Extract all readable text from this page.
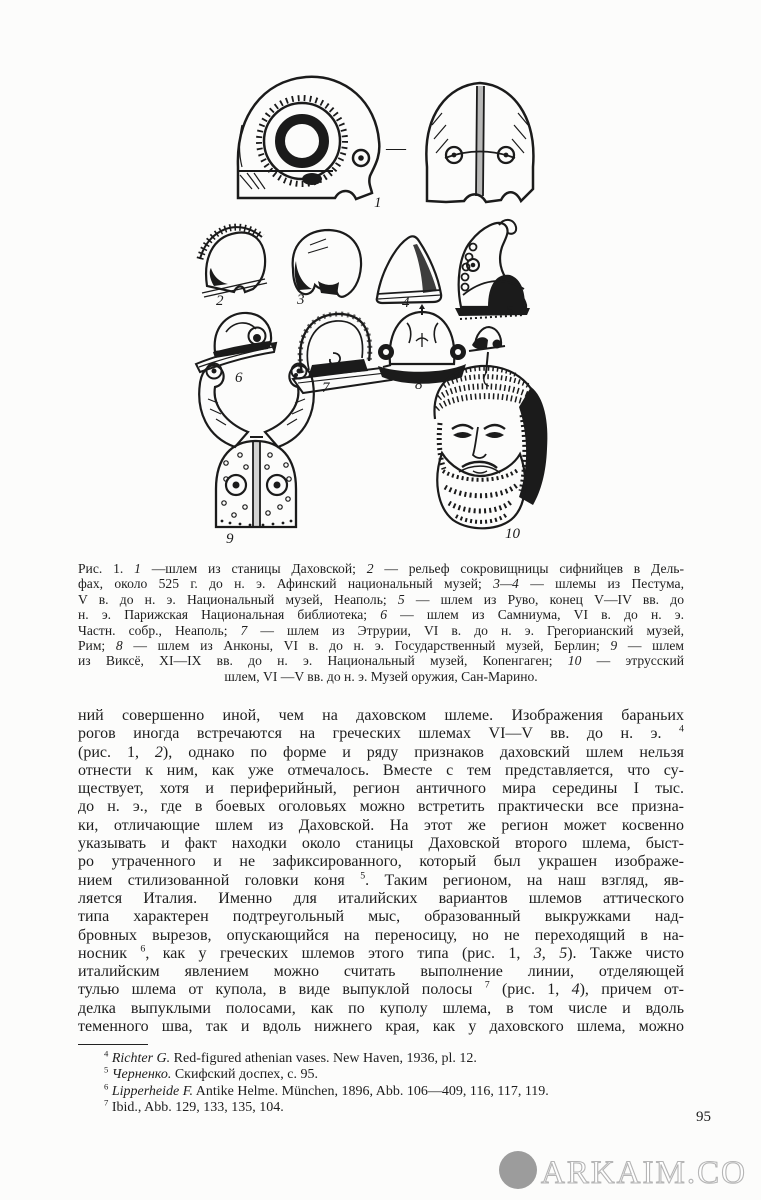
—
1
2	3	4	5
6
7	8
9	10
Рис. 1. 1 —шлем из станицы Даховской; 2 — рельеф сокровищницы сифнийцев в Дель-
фах, около 525 г. до н. э. Афинский национальный музей; 3—4 — шлемы из Пестума,
V в. до н. э. Национальный музей, Неаполь; 5 — шлем из Руво, конец V—IV вв. до
н. э. Парижская Национальная библиотека; 6 — шлем из Самниума, VI в. до н. э.
Частн. собр., Неаполь; 7 — шлем из Этрурии, VI в. до н. э. Грегорианский музей,
Рим; 8 — шлем из Анконы, VI в. до н. э. Государственный музей, Берлин; 9 — шлем
из Виксё, XI—IX вв. до н. э. Национальный музей, Копенгаген; 10 — этрусский
шлем, VI —V вв. до н. э. Музей оружия, Сан-Марино.
ний совершенно иной, чем на даховском шлеме. Изображения бараньих
рогов иногда встречаются на греческих шлемах VI—V вв. до н. э. $^4$
(рис. 1, 2), однако по форме и ряду признаков даховский шлем нельзя
отнести к ним, как уже отмечалось. Вместе с тем представляется, что су-
ществует, хотя и периферийный, регион античного мира середины I тыс.
до н. э., где в боевых оголовьях можно встретить практически все призна-
ки, отличающие шлем из Даховской. На этот же регион может косвенно
указывать и факт находки около станицы Даховской второго шлема, быст-
ро утраченного и не зафиксированного, который был украшен изображе-
нием стилизованной головки коня $^5$. Таким регионом, на наш взгляд, яв-
ляется Италия. Именно для италийских вариантов шлемов аттического
типа характерен подтреугольный мыс, образованный выкружками над-
бровных вырезов, опускающийся на переносицу, но не переходящий в на-
носник $^6$, как у греческих шлемов этого типа (рис. 1, 3, 5). Также чисто
италийским явлением можно считать выполнение линии, отделяющей
тулью шлема от купола, в виде выпуклой полосы $^7$ (рис. 1, 4), причем от-
делка выпуклыми полосами, как по куполу шлема, в том числе и вдоль
теменного шва, так и вдоль нижнего края, как у даховского шлема, можно
$^4$ Richter G. Red-figured athenian vases. New Haven, 1936, pl. 12.
$^5$ Черненко. Скифский доспех, с. 95.
$^6$ Lipperheide F. Antike Helme. München, 1896, Abb. 106—409, 116, 117, 119.
$^7$ Ibid., Abb. 129, 133, 135, 104.
95
ARKAIM.CO
